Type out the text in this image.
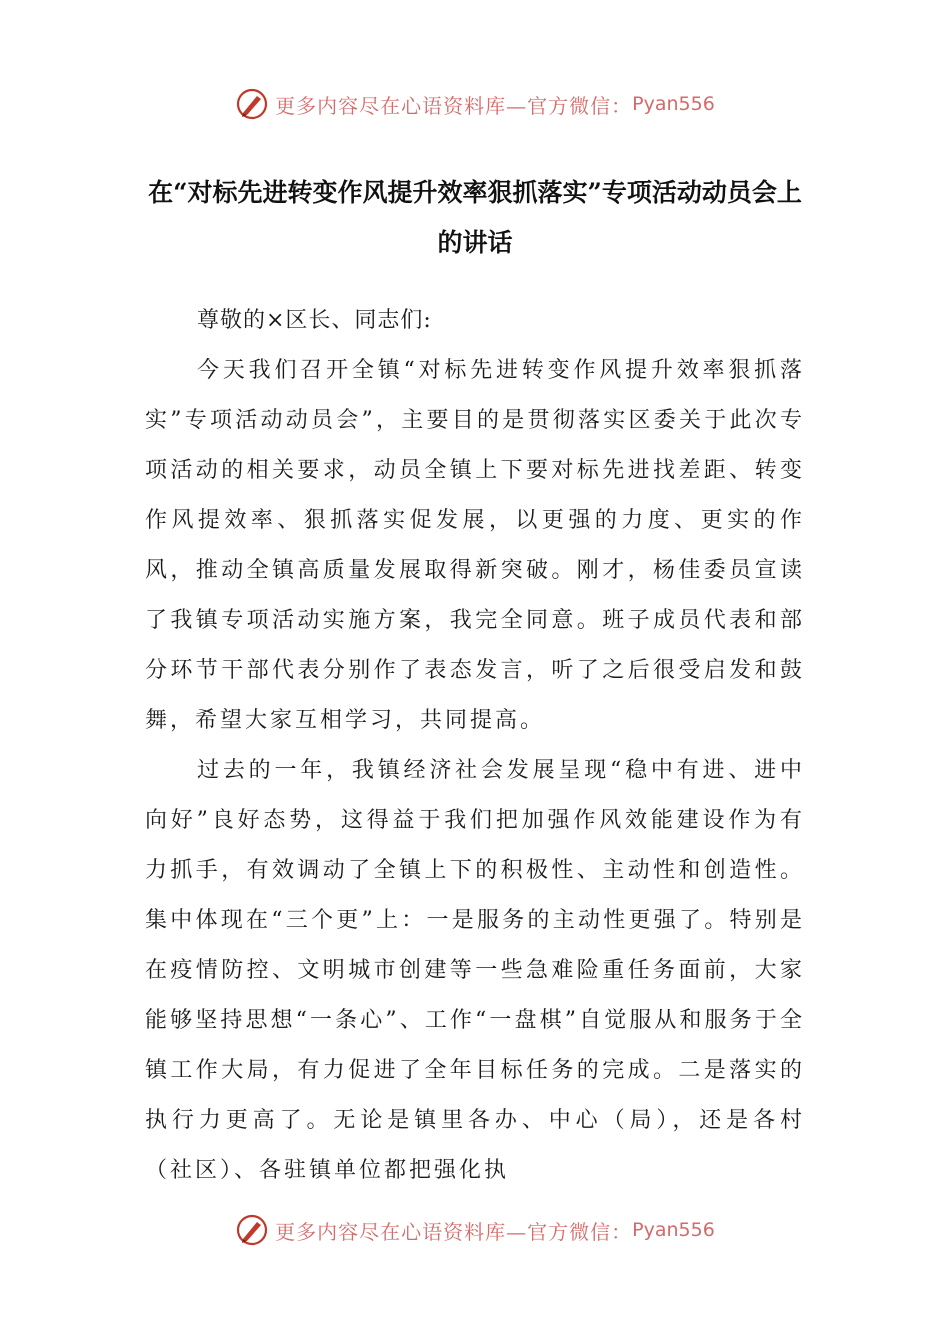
更多内容尽在心语资料库—官方微信： Pyan556
在“对标先进转变作风提升效率狠抓落实”专项活动动员会上的讲话

尊敬的×区长、同志们:

今天我们召开全镇“对标先进转变作风提升效率狠抓落实”专项活动动员会”，主要目的是贯彻落实区委关于此次专项活动的相关要求，动员全镇上下要对标先进找差距、转变作风提效率、狠抓落实促发展，以更强的力度、更实的作风，推动全镇高质量发展取得新突破。刚才，杨佳委员宣读了我镇专项活动实施方案，我完全同意。班子成员代表和部分环节干部代表分别作了表态发言，听了之后很受启发和鼓舞，希望大家互相学习，共同提高。

过去的一年，我镇经济社会发展呈现“稳中有进、进中向好”良好态势，这得益于我们把加强作风效能建设作为有力抓手，有效调动了全镇上下的积极性、主动性和创造性。集中体现在“三个更”上：一是服务的主动性更强了。特别是在疫情防控、文明城市创建等一些急难险重任务面前，大家能够坚持思想“一条心”、工作“一盘棋”自觉服从和服务于全镇工作大局，有力促进了全年目标任务的完成。二是落实的执行力更高了。无论是镇里各办、中心（局），还是各村（社区）、各驻镇单位都把强化执

更多内容尽在心语资料库—官方微信： Pyan556
